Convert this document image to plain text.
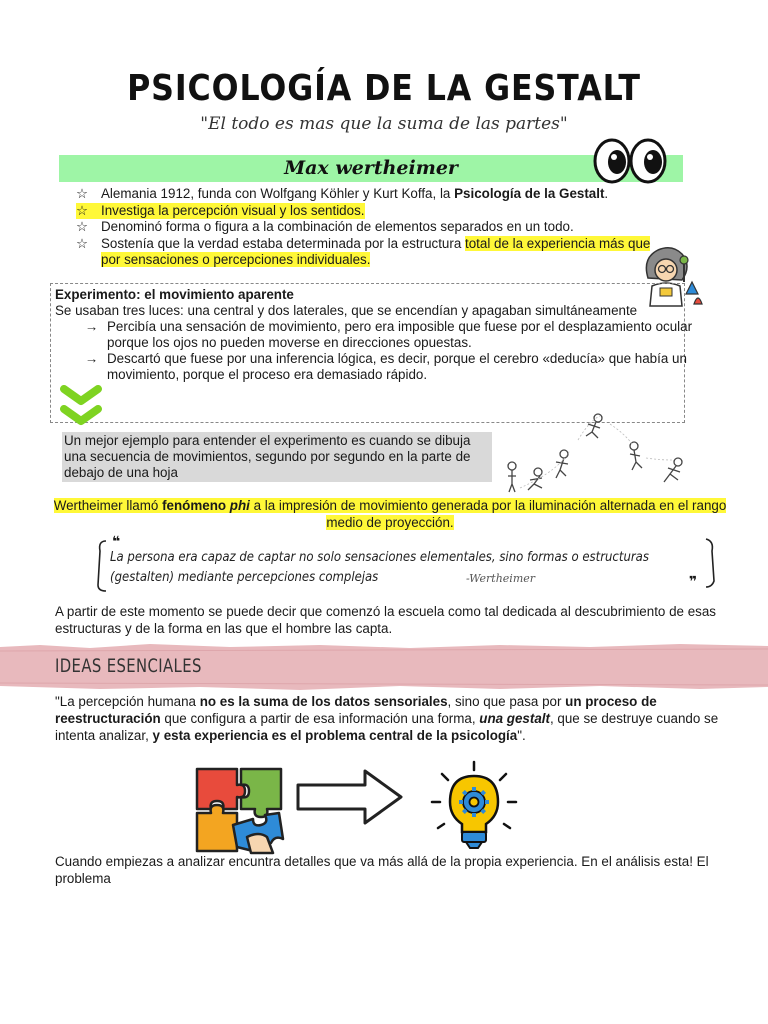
PSICOLOGÍA DE LA GESTALT
"El todo es mas que la suma de las partes"
Max wertheimer
☆ Alemania 1912, funda con Wolfgang Köhler y Kurt Koffa, la Psicología de la Gestalt.
☆ Investiga la percepción visual y los sentidos.
☆ Denominó forma o figura a la combinación de elementos separados en un todo.
☆ Sostenía que la verdad estaba determinada por la estructura total de la experiencia más que por sensaciones o percepciones individuales.

Experimento: el movimiento aparente

Se usaban tres luces: una central y dos laterales, que se encendían y apagaban simultáneamente

→ Percibía una sensación de movimiento, pero era imposible que fuese por el desplazamiento ocular porque los ojos no pueden moverse en direcciones opuestas.
→ Descartó que fuese por una inferencia lógica, es decir, porque el cerebro «deducía» que había un movimiento, porque el proceso era demasiado rápido.
Un mejor ejemplo para entender el experimento es cuando se dibuja una secuencia de movimientos, segundo por segundo en la parte de debajo de una hoja
Wertheimer llamó fenómeno phi a la impresión de movimiento generada por la iluminación alternada en el rango medio de proyección.
❝
❞
La persona era capaz de captar no solo sensaciones elementales, sino formas o estructuras (gestalten) mediante percepciones complejas	-Wertheimer
A partir de este momento se puede decir que comenzó la escuela como tal dedicada al descubrimiento de esas estructuras y de la forma en las que el hombre las capta.
IDEAS ESENCIALES
"La percepción humana no es la suma de los datos sensoriales, sino que pasa por un proceso de reestructuración que configura a partir de esa información una forma, una gestalt, que se destruye cuando se intenta analizar, y esta experiencia es el problema central de la psicología".
Cuando empiezas a analizar encuntra detalles que va más allá de la propia experiencia. En el análisis esta! El problema
